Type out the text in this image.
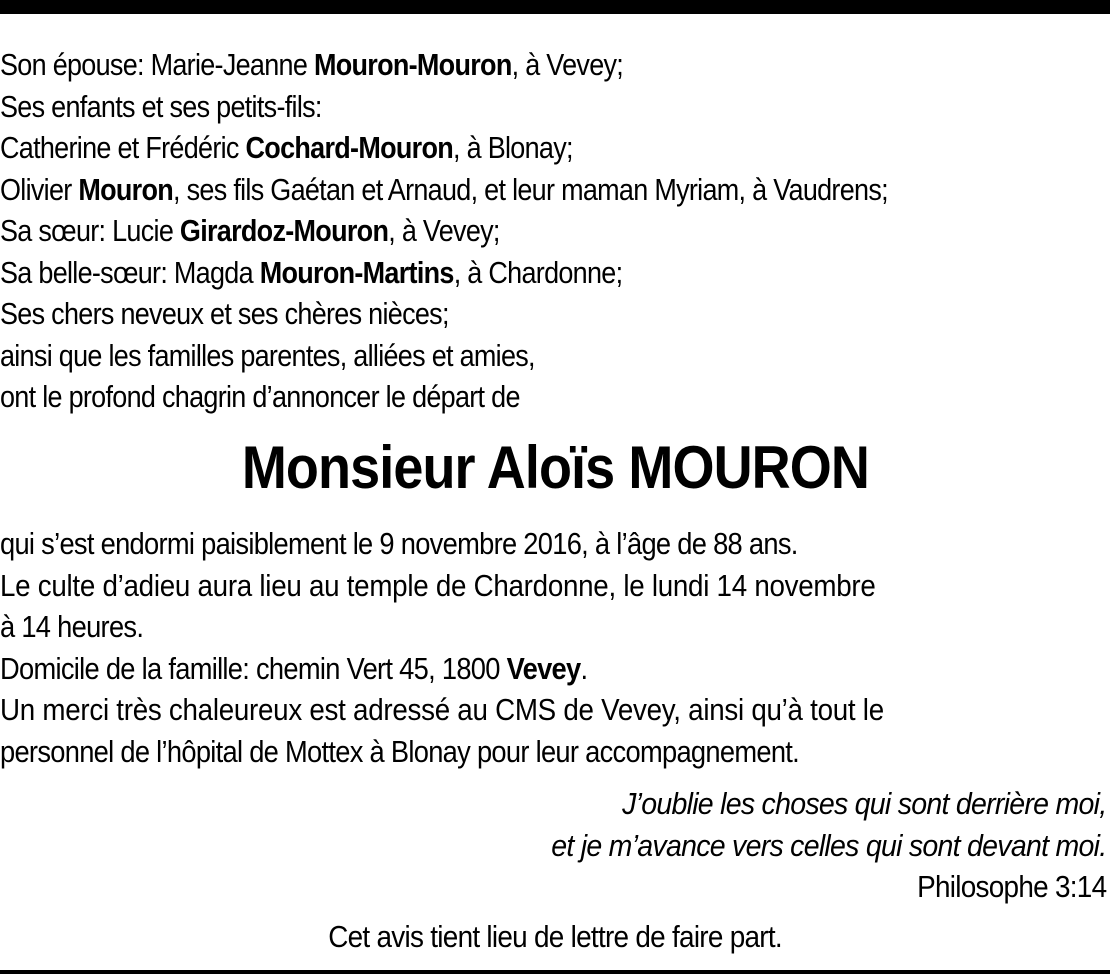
Son épouse: Marie-Jeanne Mouron-Mouron, à Vevey;
Ses enfants et ses petits-fils:
Catherine et Frédéric Cochard-Mouron, à Blonay;
Olivier Mouron, ses fils Gaétan et Arnaud, et leur maman Myriam, à Vaudrens;
Sa sœur: Lucie Girardoz-Mouron, à Vevey;
Sa belle-sœur: Magda Mouron-Martins, à Chardonne;
Ses chers neveux et ses chères nièces;
ainsi que les familles parentes, alliées et amies,
ont le profond chagrin d’annoncer le départ de
Monsieur Aloïs MOURON
qui s’est endormi paisiblement le 9 novembre 2016, à l’âge de 88 ans.
Le culte d’adieu aura lieu au temple de Chardonne, le lundi 14 novembre
à 14 heures.
Domicile de la famille: chemin Vert 45, 1800 Vevey.
Un merci très chaleureux est adressé au CMS de Vevey, ainsi qu’à tout le
personnel de l’hôpital de Mottex à Blonay pour leur accompagnement.
J’oublie les choses qui sont derrière moi,
et je m’avance vers celles qui sont devant moi.
Philosophe 3:14
Cet avis tient lieu de lettre de faire part.
